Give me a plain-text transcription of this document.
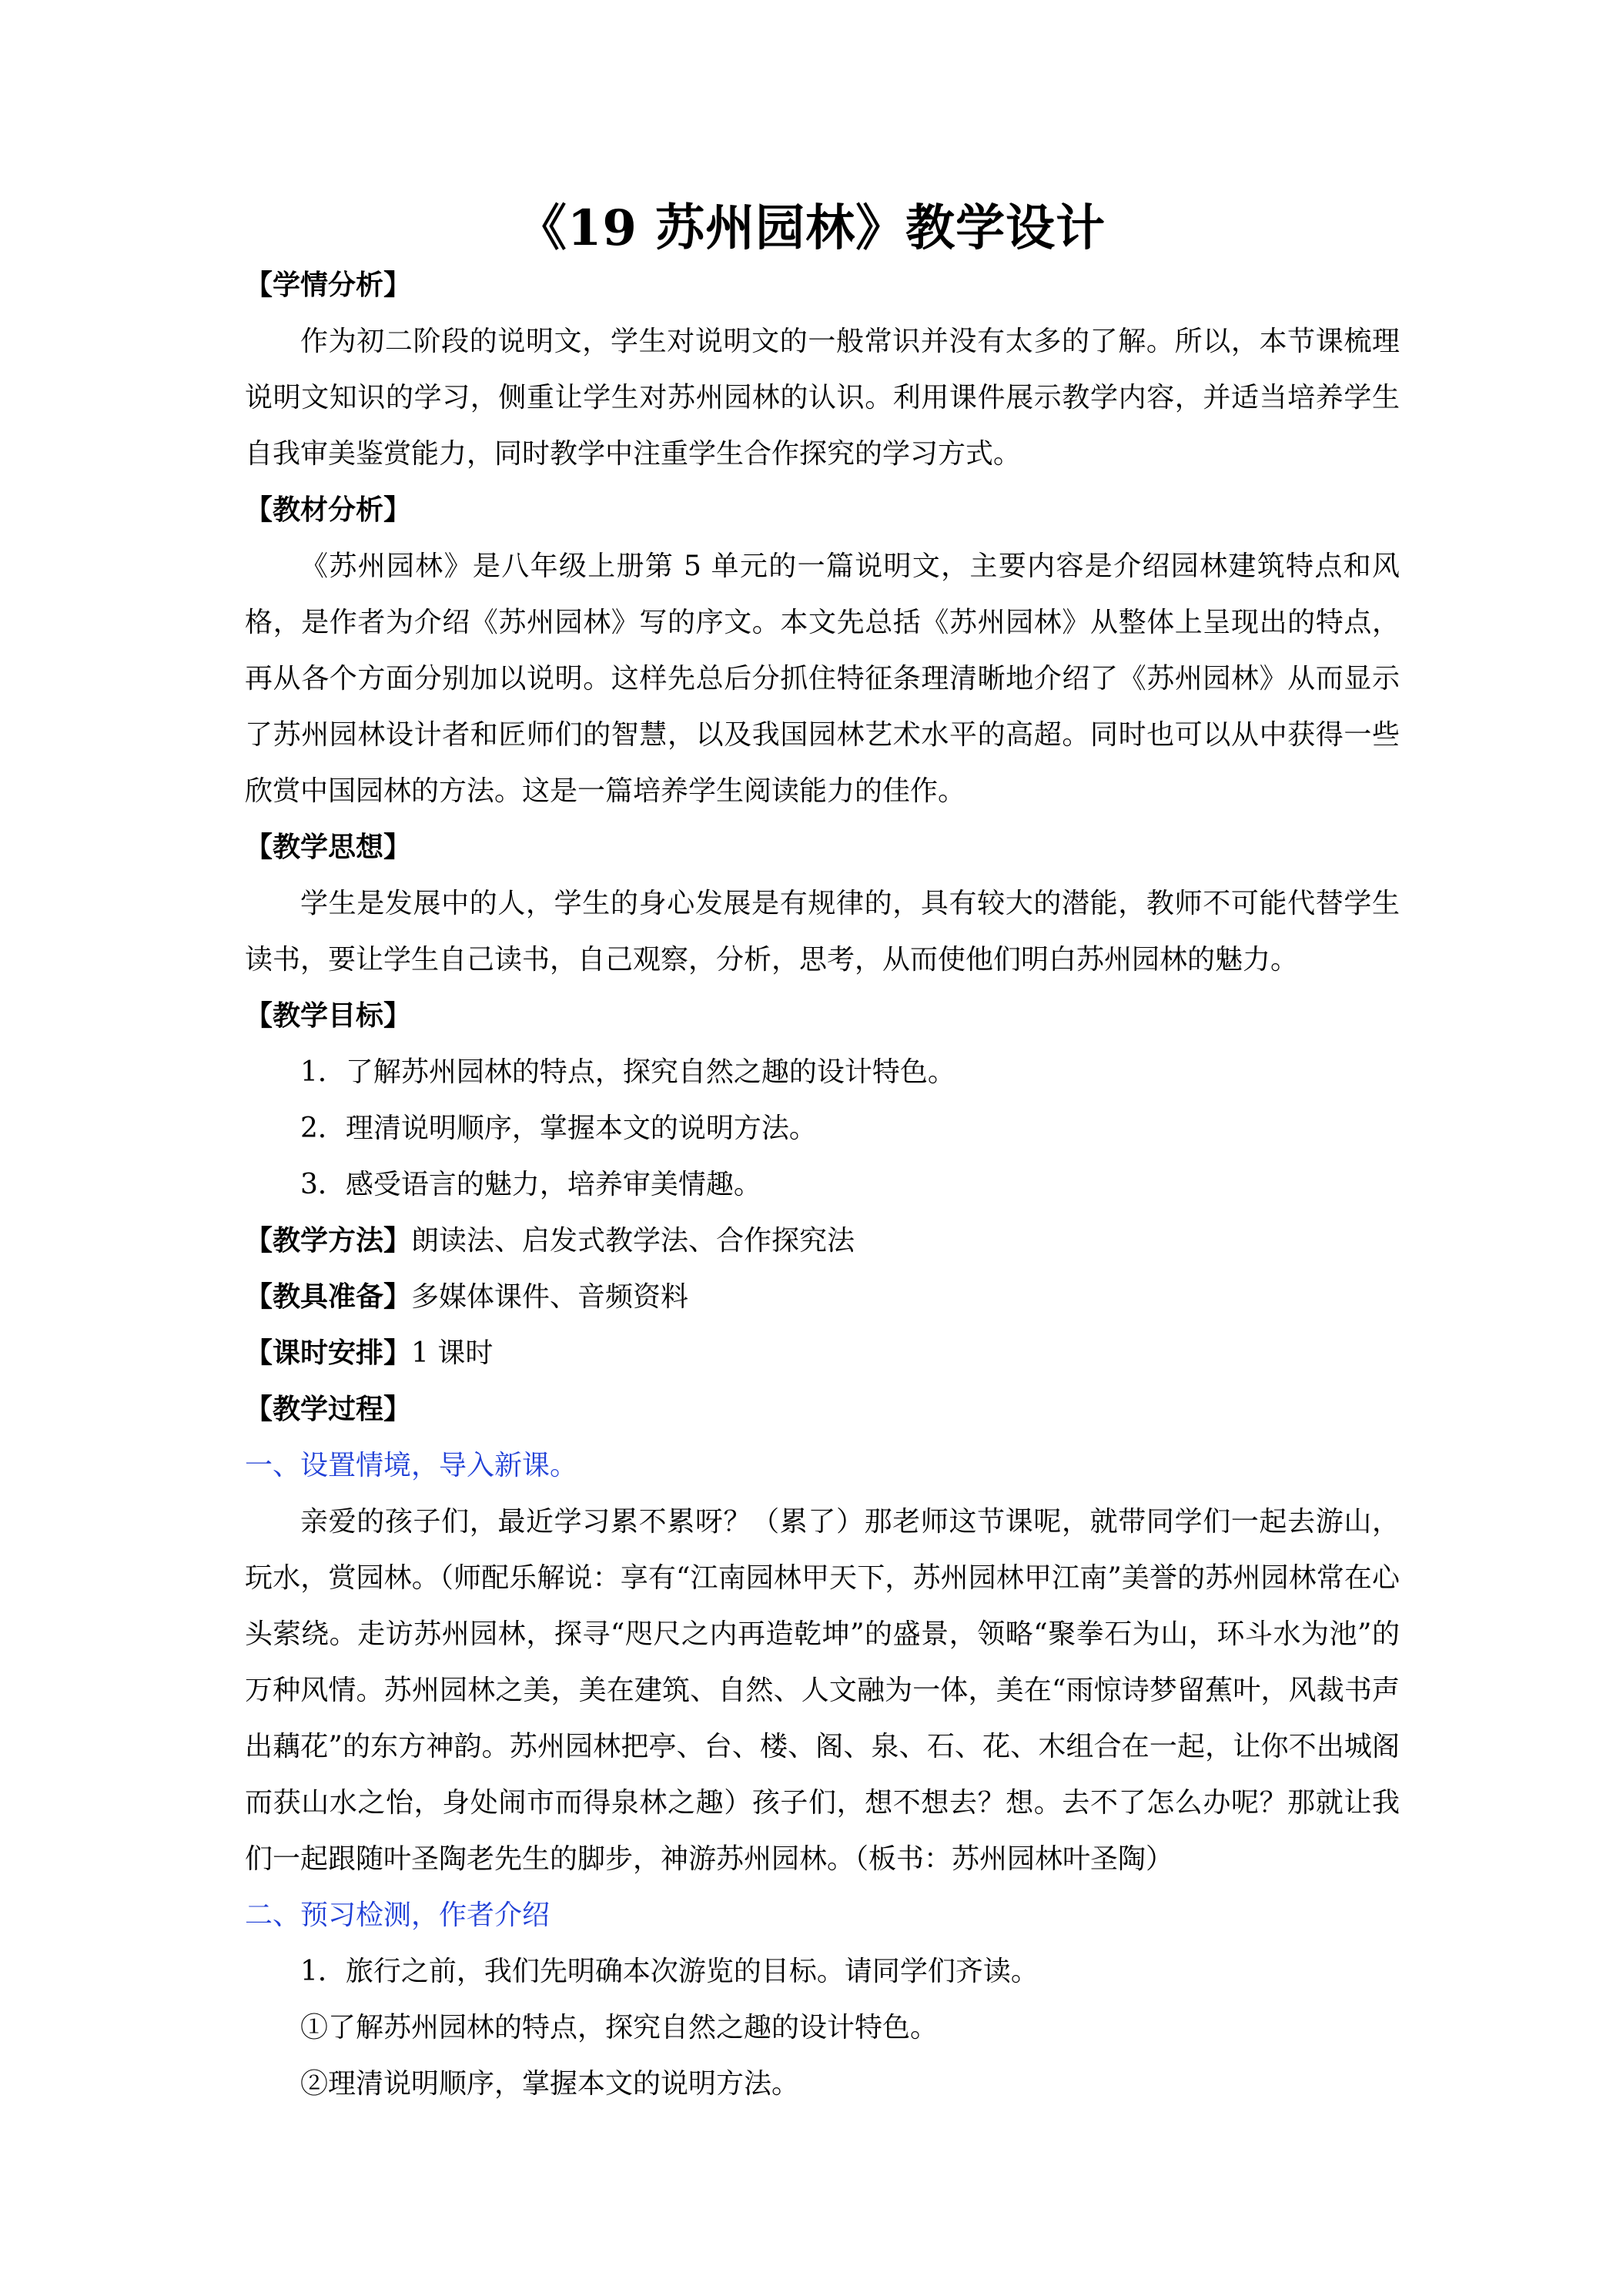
《19 苏州园林》教学设计
【学情分析】

作为初二阶段的说明文，学生对说明文的一般常识并没有太多的了解。所以，本节课梳理说明文知识的学习，侧重让学生对苏州园林的认识。利用课件展示教学内容，并适当培养学生自我审美鉴赏能力，同时教学中注重学生合作探究的学习方式。

【教材分析】

《苏州园林》是八年级上册第 5 单元的一篇说明文，主要内容是介绍园林建筑特点和风格，是作者为介绍《苏州园林》写的序文。本文先总括《苏州园林》从整体上呈现出的特点，再从各个方面分别加以说明。这样先总后分抓住特征条理清晰地介绍了《苏州园林》从而显示了苏州园林设计者和匠师们的智慧，以及我国园林艺术水平的高超。同时也可以从中获得一些欣赏中国园林的方法。这是一篇培养学生阅读能力的佳作。

【教学思想】

学生是发展中的人，学生的身心发展是有规律的，具有较大的潜能，教师不可能代替学生读书，要让学生自己读书，自己观察，分析，思考，从而使他们明白苏州园林的魅力。

【教学目标】
1．了解苏州园林的特点，探究自然之趣的设计特色。
2．理清说明顺序，掌握本文的说明方法。
3．感受语言的魅力，培养审美情趣。
【教学方法】朗读法、启发式教学法、合作探究法
【教具准备】多媒体课件、音频资料
【课时安排】1 课时
【教学过程】
一、设置情境，导入新课。

亲爱的孩子们，最近学习累不累呀？（累了）那老师这节课呢，就带同学们一起去游山，玩水，赏园林。（师配乐解说：享有“江南园林甲天下，苏州园林甲江南”美誉的苏州园林常在心头萦绕。走访苏州园林，探寻“咫尺之内再造乾坤”的盛景，领略“聚拳石为山，环斗水为池”的万种风情。苏州园林之美，美在建筑、自然、人文融为一体，美在“雨惊诗梦留蕉叶，风裁书声出藕花”的东方神韵。苏州园林把亭、台、楼、阁、泉、石、花、木组合在一起，让你不出城阁而获山水之怡，身处闹市而得泉林之趣）孩子们，想不想去？想。去不了怎么办呢？那就让我们一起跟随叶圣陶老先生的脚步，神游苏州园林。（板书：苏州园林叶圣陶）

二、预习检测，作者介绍
1．旅行之前，我们先明确本次游览的目标。请同学们齐读。
①了解苏州园林的特点，探究自然之趣的设计特色。
②理清说明顺序，掌握本文的说明方法。
